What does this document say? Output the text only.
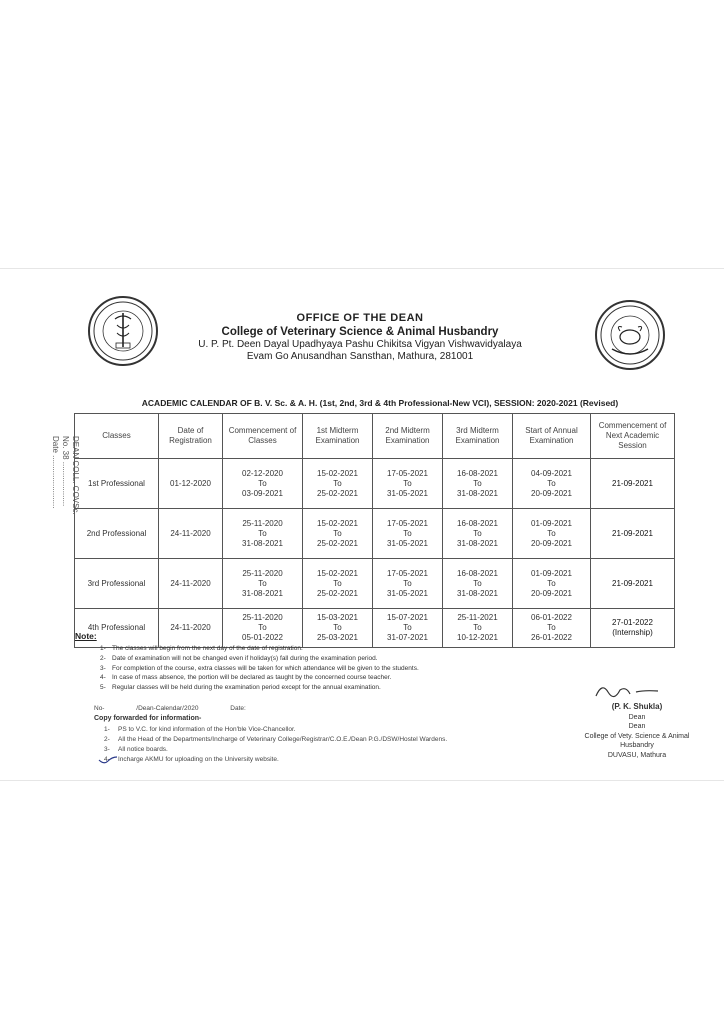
OFFICE OF THE DEAN
College of Veterinary Science & Animal Husbandry
U. P. Pt. Deen Dayal Upadhyaya Pashu Chikitsa Vigyan Vishwavidyalaya
Evam Go Anusandhan Sansthan, Mathura, 281001
ACADEMIC CALENDAR OF B. V. Sc. & A. H. (1st, 2nd, 3rd & 4th Professional-New VCI), SESSION: 2020-2021 (Revised)
DEAN COLL. COVSc.
No. 38 ....................
Date ........................
Classes	Date of Registration	Commencement of Classes	1st Midterm Examination	2nd Midterm Examination	3rd Midterm Examination	Start of Annual Examination	Commencement of Next Academic Session
1st Professional	01-12-2020	02-12-2020
To
03-09-2021	15-02-2021
To
25-02-2021	17-05-2021
To
31-05-2021	16-08-2021
To
31-08-2021	04-09-2021
To
20-09-2021	21-09-2021
2nd Professional	24-11-2020	25-11-2020
To
31-08-2021	15-02-2021
To
25-02-2021	17-05-2021
To
31-05-2021	16-08-2021
To
31-08-2021	01-09-2021
To
20-09-2021	21-09-2021
3rd Professional	24-11-2020	25-11-2020
To
31-08-2021	15-02-2021
To
25-02-2021	17-05-2021
To
31-05-2021	16-08-2021
To
31-08-2021	01-09-2021
To
20-09-2021	21-09-2021
4th Professional	24-11-2020	25-11-2020
To
05-01-2022	15-03-2021
To
25-03-2021	15-07-2021
To
31-07-2021	25-11-2021
To
10-12-2021	06-01-2022
To
26-01-2022	27-01-2022
(Internship)
Note:
1- The classes will begin from the next day of the date of registration.
2- Date of examination will not be changed even if holiday(s) fall during the examination period.
3- For completion of the course, extra classes will be taken for which attendance will be given to the students.
4- In case of mass absence, the portion will be declared as taught by the concerned course teacher.
5- Regular classes will be held during the examination period except for the annual examination.
(P. K. Shukla)
Dean
Dean
College of Vety. Science & Animal Husbandry
DUVASU, Mathura
No-	/Dean-Calendar/2020	Date:
Copy forwarded for information-
1- PS to V.C. for kind information of the Hon'ble Vice-Chancellor.
2- All the Head of the Departments/Incharge of Veterinary College/Registrar/C.O.E./Dean P.G./DSW/Hostel Wardens.
3- All notice boards.
4- Incharge AKMU for uploading on the University website.
